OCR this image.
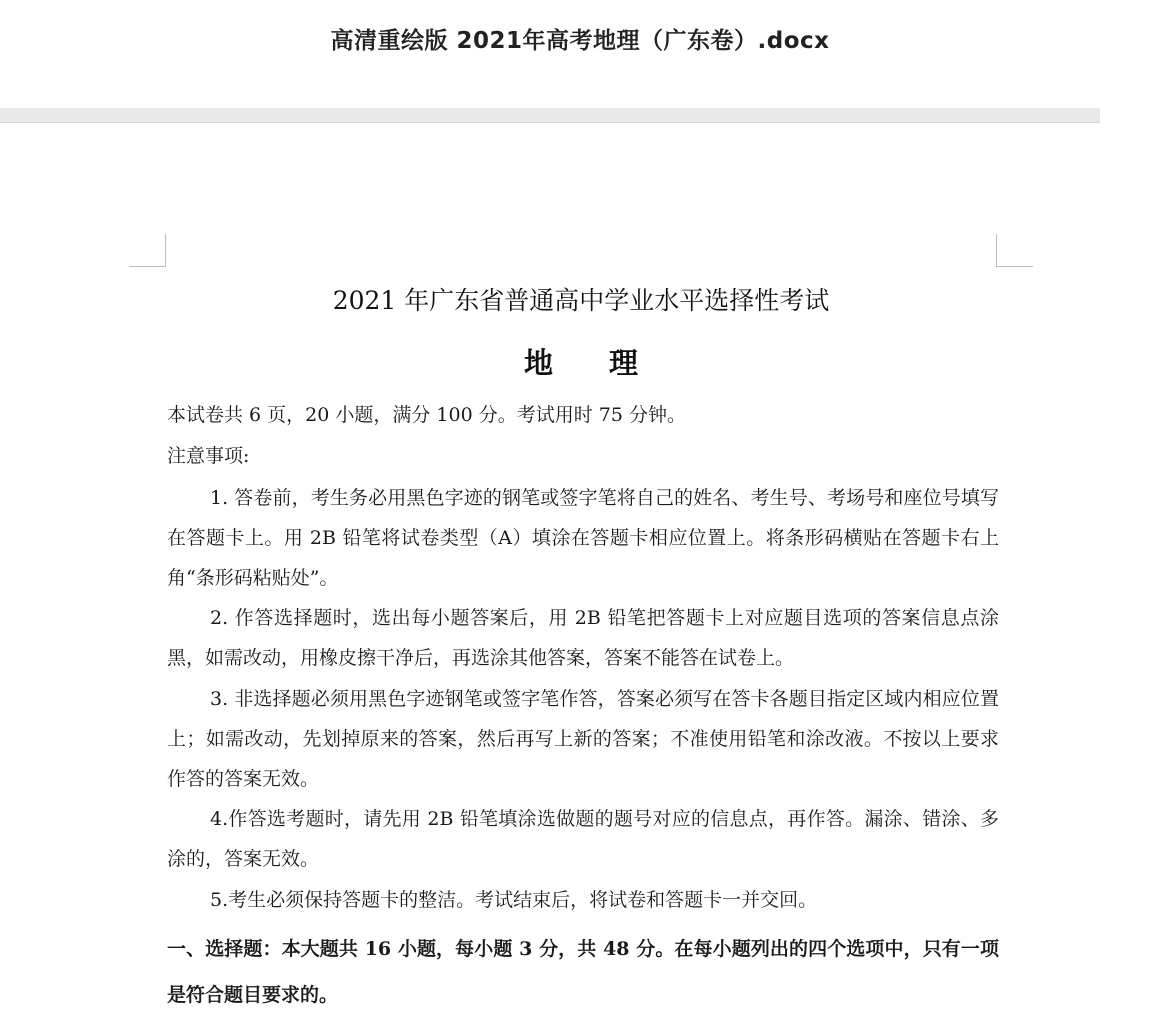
高清重绘版 2021年高考地理（广东卷）.docx
2021 年广东省普通高中学业水平选择性考试
地理
本试卷共 6 页，20 小题，满分 100 分。考试用时 75 分钟。
注意事项:
1. 答卷前，考生务必用黑色字迹的钢笔或签字笔将自己的姓名、考生号、考场号和座位号填写在答题卡上。用 2B 铅笔将试卷类型（A）填涂在答题卡相应位置上。将条形码横贴在答题卡右上角“条形码粘贴处”。
2. 作答选择题时，选出每小题答案后，用 2B 铅笔把答题卡上对应题目选项的答案信息点涂黑，如需改动，用橡皮擦干净后，再选涂其他答案，答案不能答在试卷上。
3. 非选择题必须用黑色字迹钢笔或签字笔作答，答案必须写在答卡各题目指定区域内相应位置上；如需改动，先划掉原来的答案，然后再写上新的答案；不准使用铅笔和涂改液。不按以上要求作答的答案无效。
4.作答选考题时，请先用 2B 铅笔填涂选做题的题号对应的信息点，再作答。漏涂、错涂、多涂的，答案无效。
5.考生必须保持答题卡的整洁。考试结束后，将试卷和答题卡一并交回。
一、选择题：本大题共 16 小题，每小题 3 分，共 48 分。在每小题列出的四个选项中，只有一项是符合题目要求的。
